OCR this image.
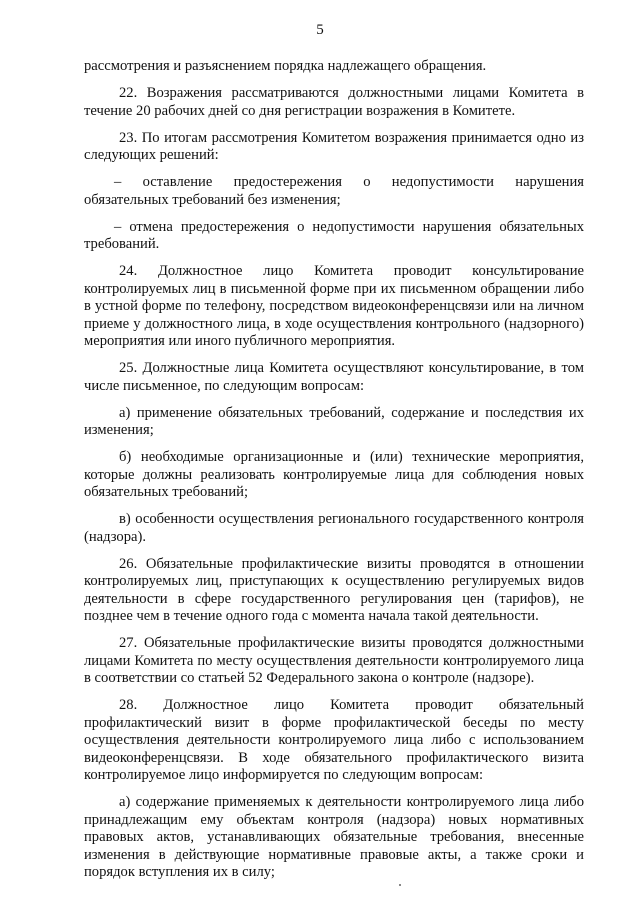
5

рассмотрения и разъяснением порядка надлежащего обращения.

22. Возражения рассматриваются должностными лицами Комитета в течение 20 рабочих дней со дня регистрации возражения в Комитете.

23. По итогам рассмотрения Комитетом возражения принимается одно из следующих решений:

– оставление предостережения о недопустимости нарушения обязательных требований без изменения;

– отмена предостережения о недопустимости нарушения обязательных требований.

24. Должностное лицо Комитета проводит консультирование контролируемых лиц в письменной форме при их письменном обращении либо в устной форме по телефону, посредством видеоконференцсвязи или на личном приеме у должностного лица, в ходе осуществления контрольного (надзорного) мероприятия или иного публичного мероприятия.

25. Должностные лица Комитета осуществляют консультирование, в том числе письменное, по следующим вопросам:

а) применение обязательных требований, содержание и последствия их изменения;

б) необходимые организационные и (или) технические мероприятия, которые должны реализовать контролируемые лица для соблюдения новых обязательных требований;

в) особенности осуществления регионального государственного контроля (надзора).

26. Обязательные профилактические визиты проводятся в отношении контролируемых лиц, приступающих к осуществлению регулируемых видов деятельности в сфере государственного регулирования цен (тарифов), не позднее чем в течение одного года с момента начала такой деятельности.

27. Обязательные профилактические визиты проводятся должностными лицами Комитета по месту осуществления деятельности контролируемого лица в соответствии со статьей 52 Федерального закона о контроле (надзоре).

28. Должностное лицо Комитета проводит обязательный профилактический визит в форме профилактической беседы по месту осуществления деятельности контролируемого лица либо с использованием видеоконференцсвязи. В ходе обязательного профилактического визита контролируемое лицо информируется по следующим вопросам:

а) содержание применяемых к деятельности контролируемого лица либо принадлежащим ему объектам контроля (надзора) новых нормативных правовых актов, устанавливающих обязательные требования, внесенные изменения в действующие нормативные правовые акты, а также сроки и порядок вступления их в силу;
